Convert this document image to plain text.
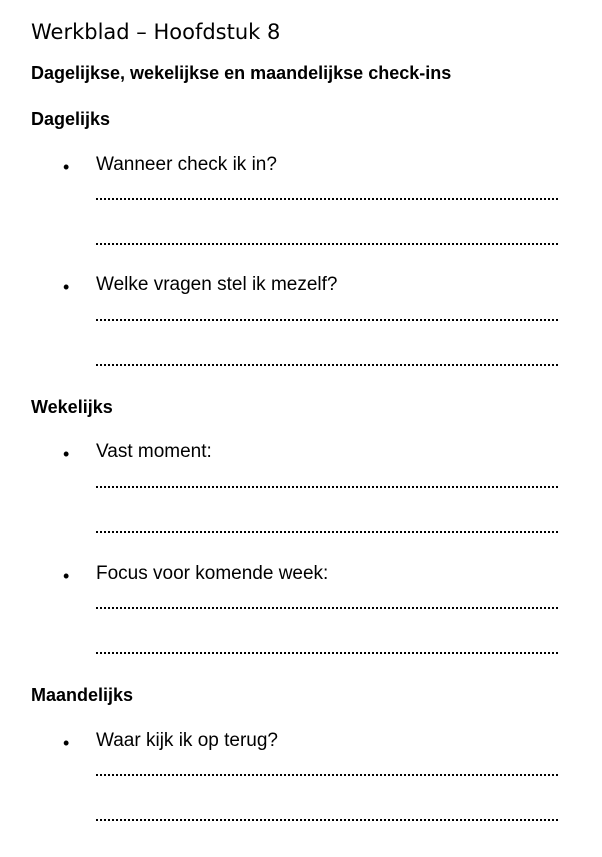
Werkblad – Hoofdstuk 8
Dagelijkse, wekelijkse en maandelijkse check-ins
Dagelijks
• Wanneer check ik in?
• Welke vragen stel ik mezelf?
Wekelijks
• Vast moment:
• Focus voor komende week:
Maandelijks
• Waar kijk ik op terug?
